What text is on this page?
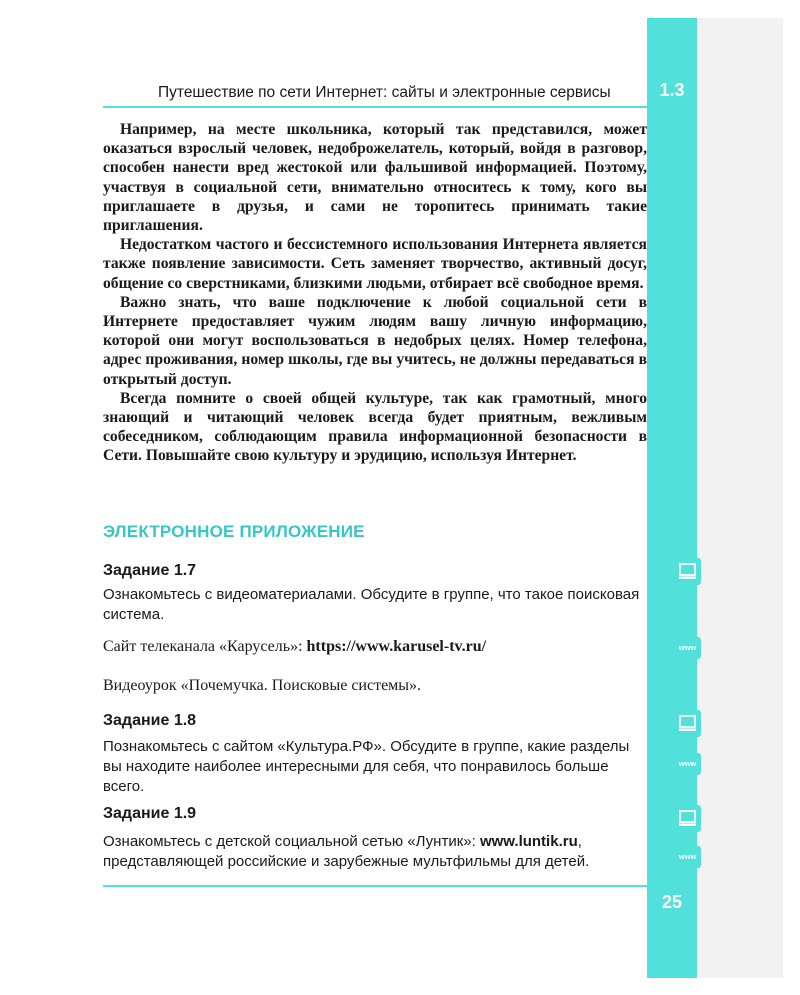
Путешествие по сети Интернет: сайты и электронные сервисы	1.3

Например, на месте школьника, который так представился, может оказаться взрослый человек, недоброжелатель, который, войдя в разговор, способен нанести вред жестокой или фальшивой информацией. Поэтому, участвуя в социальной сети, внимательно относитесь к тому, кого вы приглашаете в друзья, и сами не торопитесь принимать такие приглашения.

Недостатком частого и бессистемного использования Интернета является также появление зависимости. Сеть заменяет творчество, активный досуг, общение со сверстниками, близкими людьми, отбирает всё свободное время.

Важно знать, что ваше подключение к любой социальной сети в Интернете предоставляет чужим людям вашу личную информацию, которой они могут воспользоваться в недобрых целях. Номер телефона, адрес проживания, номер школы, где вы учитесь, не должны передаваться в открытый доступ.

Всегда помните о своей общей культуре, так как грамотный, много знающий и читающий человек всегда будет приятным, вежливым собеседником, соблюдающим правила информационной безопасности в Сети. Повышайте свою культуру и эрудицию, используя Интернет.

ЭЛЕКТРОННОЕ ПРИЛОЖЕНИЕ
Задание 1.7
Ознакомьтесь с видеоматериалами. Обсудите в группе, что такое поисковая система.
Сайт телеканала «Карусель»: https://www.karusel-tv.ru/
Видеоурок «Почемучка. Поисковые системы».
Задание 1.8
Познакомьтесь с сайтом «Культура.РФ». Обсудите в группе, какие разделы вы находите наиболее интересными для себя, что понравилось больше всего.
Задание 1.9
Ознакомьтесь с детской социальной сетью «Лунтик»: www.luntik.ru, представляющей российские и зарубежные мультфильмы для детей.
www
www
www
25
